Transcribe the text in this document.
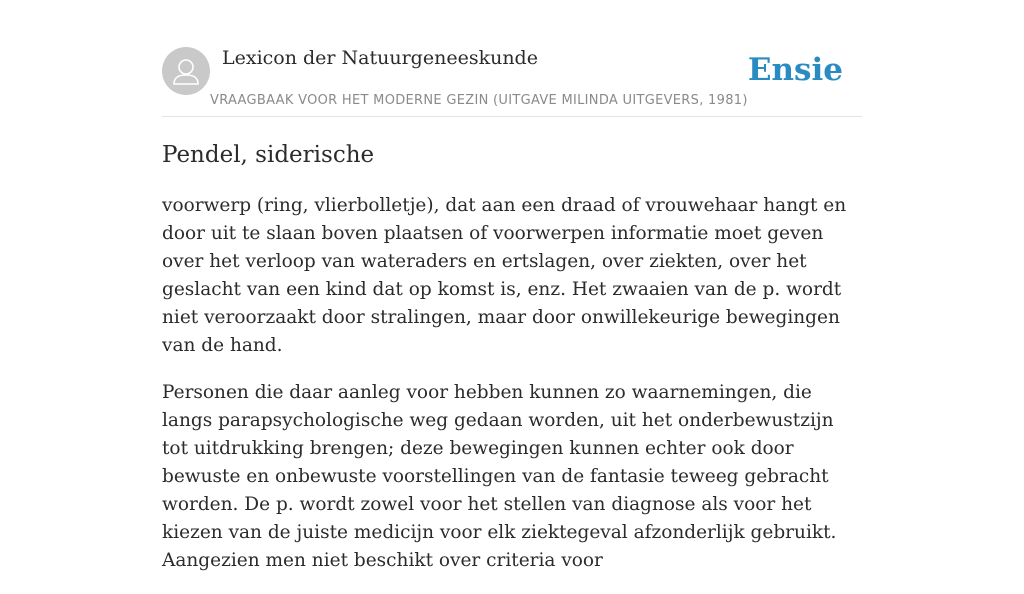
Lexicon der Natuurgeneeskunde
VRAAGBAAK VOOR HET MODERNE GEZIN (UITGAVE MILINDA UITGEVERS, 1981)
Ensie
Pendel, siderische

voorwerp (ring, vlierbolletje), dat aan een draad of vrouwehaar hangt en door uit te slaan boven plaatsen of voorwerpen informatie moet geven over het verloop van wateraders en ertslagen, over ziekten, over het geslacht van een kind dat op komst is, enz. Het zwaaien van de p. wordt niet veroorzaakt door stralingen, maar door onwillekeurige bewegingen van de hand.

Personen die daar aanleg voor hebben kunnen zo waarnemingen, die langs parapsychologische weg gedaan worden, uit het onderbewustzijn tot uitdrukking brengen; deze bewegingen kunnen echter ook door bewuste en onbewuste voorstellingen van de fantasie teweeg gebracht worden. De p. wordt zowel voor het stellen van diagnose als voor het kiezen van de juiste medicijn voor elk ziektegeval afzonderlijk gebruikt. Aangezien men niet beschikt over criteria voor
